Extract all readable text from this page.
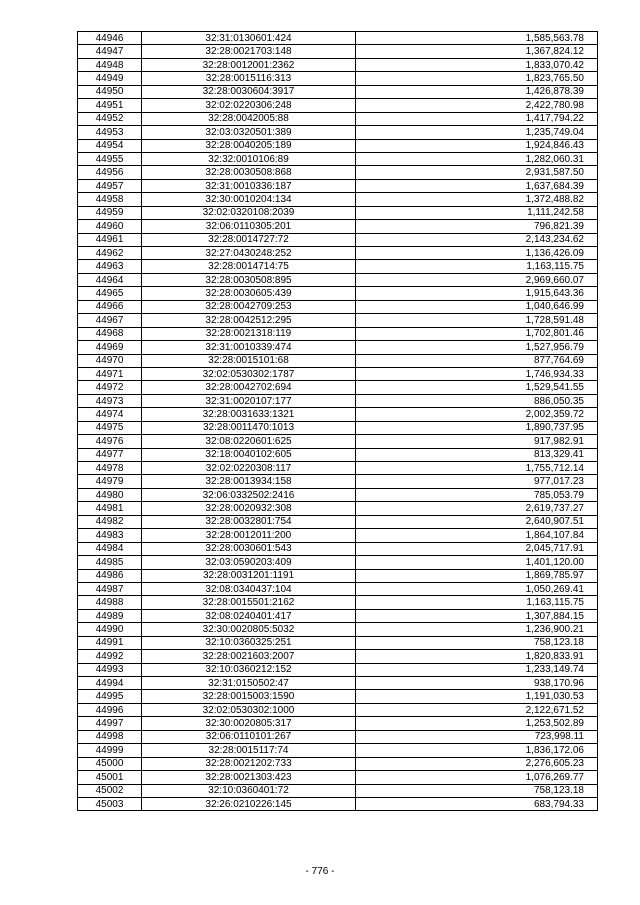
44946	32:31:0130601:424	1,585,563.78
44947	32:28:0021703:148	1,367,824.12
44948	32:28:0012001:2362	1,833,070.42
44949	32:28:0015116:313	1,823,765.50
44950	32:28:0030604:3917	1,426,878.39
44951	32:02:0220306:248	2,422,780.98
44952	32:28:0042005:88	1,417,794.22
44953	32:03:0320501:389	1,235,749.04
44954	32:28:0040205:189	1,924,846.43
44955	32:32:0010106:89	1,282,060.31
44956	32:28:0030508:868	2,931,587.50
44957	32:31:0010336:187	1,637,684.39
44958	32:30:0010204:134	1,372,488.82
44959	32:02:0320108:2039	1,111,242.58
44960	32:06:0110305:201	796,821.39
44961	32:28:0014727:72	2,143,234.62
44962	32:27:0430248:252	1,136,426.09
44963	32:28:0014714:75	1,163,115.75
44964	32:28:0030508:895	2,969,660.07
44965	32:28:0030605:439	1,915,643.36
44966	32:28:0042709:253	1,040,646.99
44967	32:28:0042512:295	1,728,591.48
44968	32:28:0021318:119	1,702,801.46
44969	32:31:0010339:474	1,527,956.79
44970	32:28:0015101:68	877,764.69
44971	32:02:0530302:1787	1,746,934.33
44972	32:28:0042702:694	1,529,541.55
44973	32:31:0020107:177	886,050.35
44974	32:28:0031633:1321	2,002,359.72
44975	32:28:0011470:1013	1,890,737.95
44976	32:08:0220601:625	917,982.91
44977	32:18:0040102:605	813,329.41
44978	32:02:0220308:117	1,755,712.14
44979	32:28:0013934:158	977,017.23
44980	32:06:0332502:2416	785,053.79
44981	32:28:0020932:308	2,619,737.27
44982	32:28:0032801:754	2,640,907.51
44983	32:28:0012011:200	1,864,107.84
44984	32:28:0030601:543	2,045,717.91
44985	32:03:0590203:409	1,401,120.00
44986	32:28:0031201:1191	1,869,785.97
44987	32:08:0340437:104	1,050,269.41
44988	32:28:0015501:2162	1,163,115.75
44989	32:08:0240401:417	1,307,884.15
44990	32:30:0020805:5032	1,236,900.21
44991	32:10:0360325:251	758,123.18
44992	32:28:0021603:2007	1,820,833.91
44993	32:10:0360212:152	1,233,149.74
44994	32:31:0150502:47	938,170.96
44995	32:28:0015003:1590	1,191,030.53
44996	32:02:0530302:1000	2,122,671.52
44997	32:30:0020805:317	1,253,502.89
44998	32:06:0110101:267	723,998.11
44999	32:28:0015117:74	1,836,172.06
45000	32:28:0021202:733	2,276,605.23
45001	32:28:0021303:423	1,076,269.77
45002	32:10:0360401:72	758,123.18
45003	32:26:0210226:145	683,794.33
- 776 -
